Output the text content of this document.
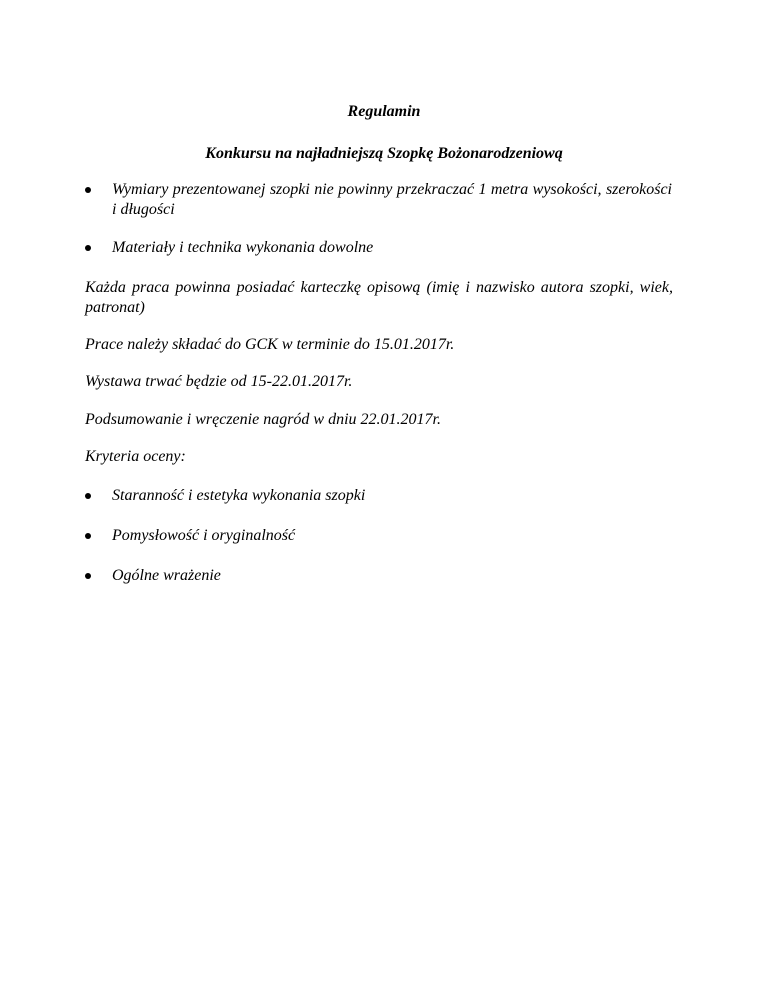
Regulamin
Konkursu na najładniejszą Szopkę Bożonarodzeniową
Wymiary prezentowanej szopki nie powinny przekraczać 1 metra wysokości, szerokości i długości
Materiały i technika wykonania dowolne
Każda praca powinna posiadać karteczkę opisową (imię i nazwisko autora szopki, wiek, patronat)
Prace należy składać do GCK w terminie do 15.01.2017r.
Wystawa trwać będzie od 15-22.01.2017r.
Podsumowanie i wręczenie nagród w dniu 22.01.2017r.
Kryteria oceny:
Staranność i estetyka wykonania szopki
Pomysłowość i oryginalność
Ogólne wrażenie
